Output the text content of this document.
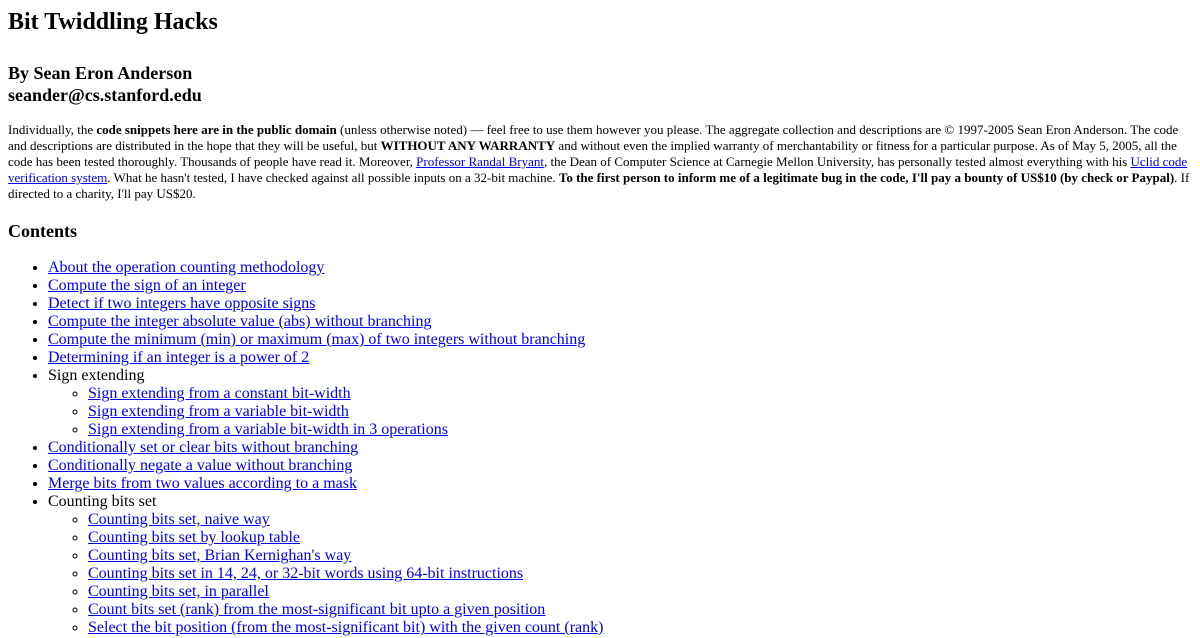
Bit Twiddling Hacks
By Sean Eron Anderson
seander@cs.stanford.edu

Individually, the code snippets here are in the public domain (unless otherwise noted) — feel free to use them however you please. The aggregate collection and descriptions are © 1997-2005 Sean Eron Anderson. The code and descriptions are distributed in the hope that they will be useful, but WITHOUT ANY WARRANTY and without even the implied warranty of merchantability or fitness for a particular purpose. As of May 5, 2005, all the code has been tested thoroughly. Thousands of people have read it. Moreover, Professor Randal Bryant, the Dean of Computer Science at Carnegie Mellon University, has personally tested almost everything with his Uclid code verification system. What he hasn't tested, I have checked against all possible inputs on a 32-bit machine. To the first person to inform me of a legitimate bug in the code, I'll pay a bounty of US$10 (by check or Paypal). If directed to a charity, I'll pay US$20.

Contents
• About the operation counting methodology
• Compute the sign of an integer
• Detect if two integers have opposite signs
• Compute the integer absolute value (abs) without branching
• Compute the minimum (min) or maximum (max) of two integers without branching
• Determining if an integer is a power of 2
• Sign extending
◦ Sign extending from a constant bit-width
◦ Sign extending from a variable bit-width
◦ Sign extending from a variable bit-width in 3 operations
• Conditionally set or clear bits without branching
• Conditionally negate a value without branching
• Merge bits from two values according to a mask
• Counting bits set
◦ Counting bits set, naive way
◦ Counting bits set by lookup table
◦ Counting bits set, Brian Kernighan's way
◦ Counting bits set in 14, 24, or 32-bit words using 64-bit instructions
◦ Counting bits set, in parallel
◦ Count bits set (rank) from the most-significant bit upto a given position
◦ Select the bit position (from the most-significant bit) with the given count (rank)
